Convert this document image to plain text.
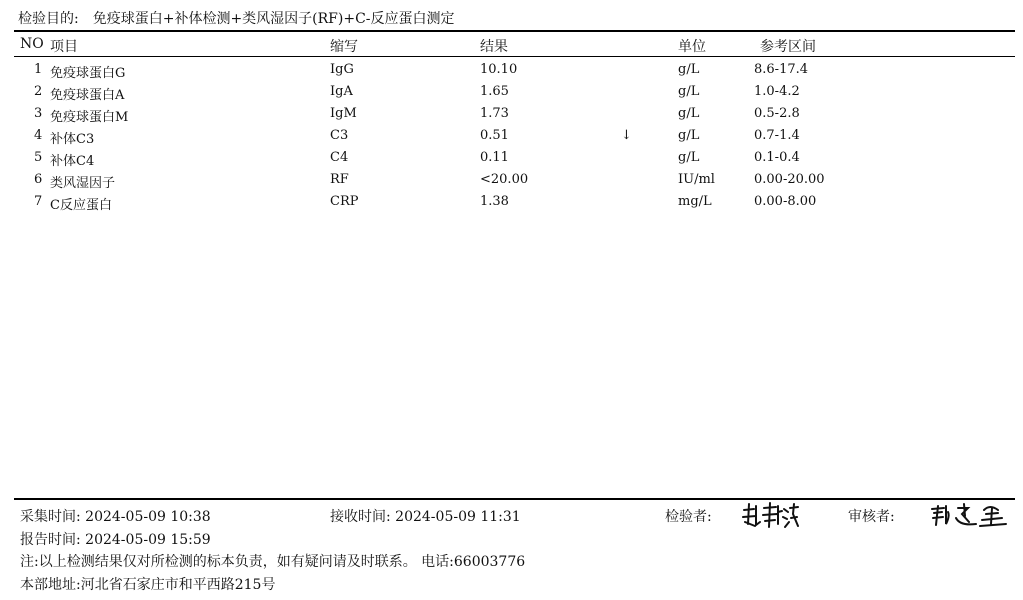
检验目的: 免疫球蛋白+补体检测+类风湿因子(RF)+C-反应蛋白测定
NO 项目	缩写	结果	单位	参考区间
1 免疫球蛋白G	IgG	10.10	g/L	8.6-17.4
2 免疫球蛋白A	IgA	1.65	g/L	1.0-4.2
3 免疫球蛋白M	IgM	1.73	g/L	0.5-2.8
4 补体C3	C3	0.51	↓	g/L	0.7-1.4
5 补体C4	C4	0.11	g/L	0.1-0.4
6 类风湿因子	RF	<20.00	IU/ml	0.00-20.00
7 C反应蛋白	CRP	1.38	mg/L	0.00-8.00
采集时间: 2024-05-09 10:38	接收时间: 2024-05-09 11:31	检验者:	审核者:
报告时间: 2024-05-09 15:59
注:以上检测结果仅对所检测的标本负责，如有疑问请及时联系。 电话:66003776
本部地址:河北省石家庄市和平西路215号
